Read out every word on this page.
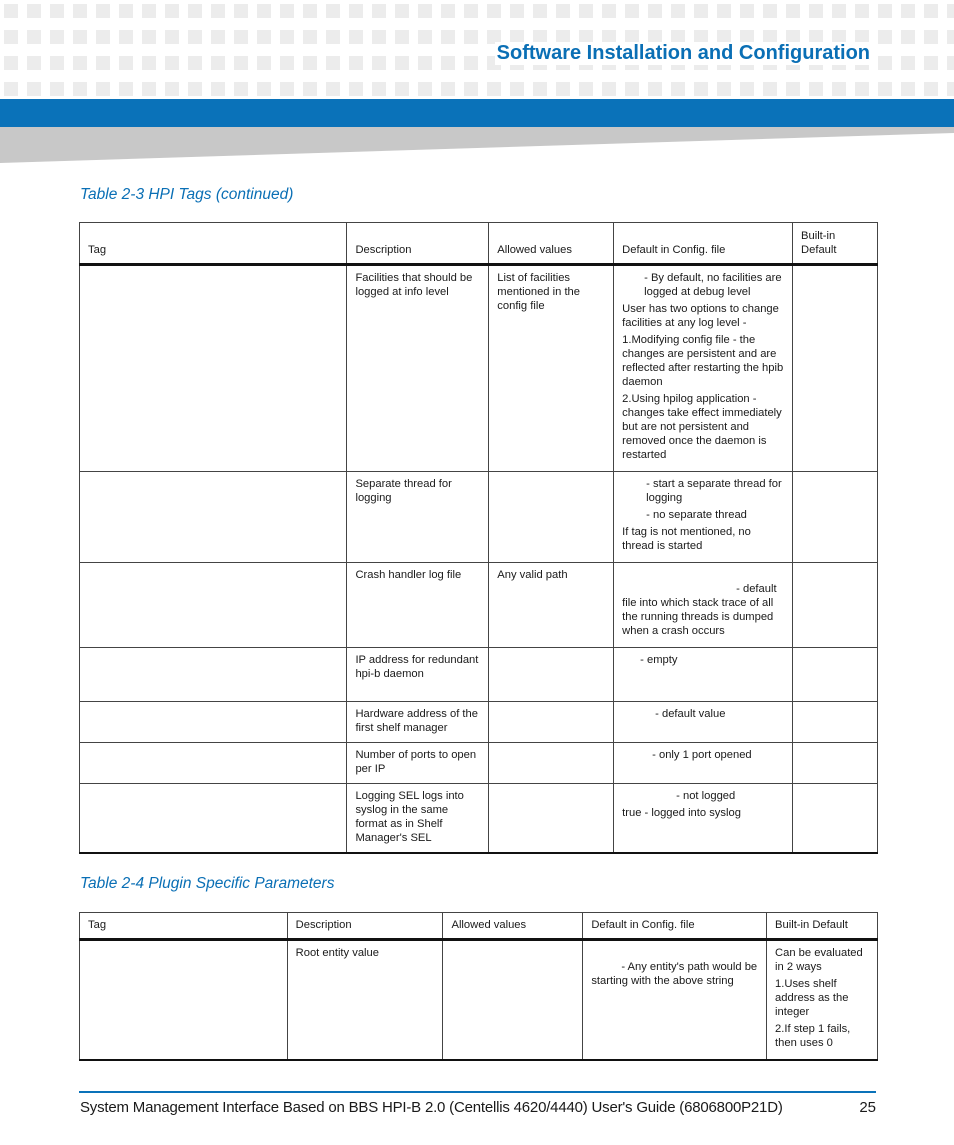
Software Installation and Configuration
Table 2-3 HPI Tags (continued)
Tag	Description	Allowed values	Default in Config. file	Built-in Default
	Facilities that should be logged at info level	List of facilities mentioned in the config file	- By default, no facilities are logged at debug level

User has two options to change facilities at any log level -

1.Modifying config file - the changes are persistent and are reflected after restarting the hpib daemon

2.Using hpilog application - changes take effect immediately but are not persistent and removed once the daemon is restarted	

	Separate thread for logging		- start a separate thread for logging

- no separate thread

If tag is not mentioned, no thread is started	

	Crash handler log file	Any valid path	- default file into which stack trace of all the running threads is dumped when a crash occurs	

	IP address for redundant hpi-b daemon		- empty	

	Hardware address of the first shelf manager		- default value	

	Number of ports to open per IP		- only 1 port opened	

	Logging SEL logs into syslog in the same format as in Shelf Manager's SEL		- not logged

true - logged into syslog	

Table 2-4 Plugin Specific Parameters
Tag	Description	Allowed values	Default in Config. file	Built-in Default
	Root entity value		- Any entity's path would be starting with the above string	Can be evaluated in 2 ways

1.Uses shelf address as the integer

2.If step 1 fails, then uses 0

System Management Interface Based on BBS HPI-B 2.0 (Centellis 4620/4440) User's Guide (6806800P21D)	25
